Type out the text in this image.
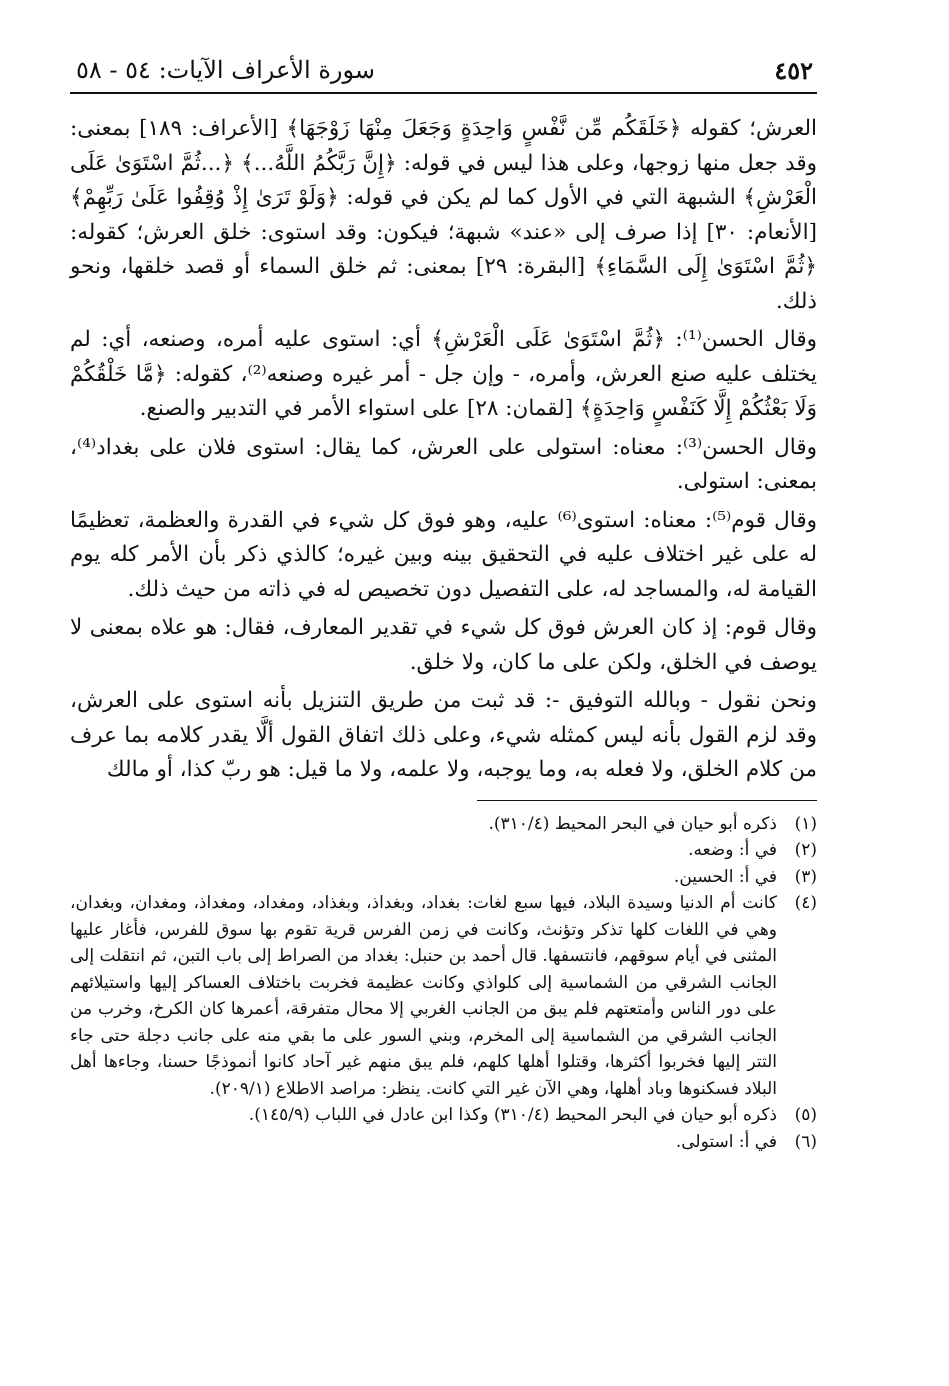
٤٥٢
سورة الأعراف الآيات: ٥٤ - ٥٨

العرش؛ كقوله ﴿خَلَقَكُم مِّن نَّفْسٍ وَاحِدَةٍ وَجَعَلَ مِنْهَا زَوْجَهَا﴾ [الأعراف: ١٨٩] بمعنى: وقد جعل منها زوجها، وعلى هذا ليس في قوله: ﴿إِنَّ رَبَّكُمُ اللَّهُ...﴾ ﴿...ثُمَّ اسْتَوَىٰ عَلَى الْعَرْشِ﴾ الشبهة التي في الأول كما لم يكن في قوله: ﴿وَلَوْ تَرَىٰ إِذْ وُقِفُوا عَلَىٰ رَبِّهِمْ﴾ [الأنعام: ٣٠] إذا صرف إلى «عند» شبهة؛ فيكون: وقد استوى: خلق العرش؛ كقوله: ﴿ثُمَّ اسْتَوَىٰ إِلَى السَّمَاءِ﴾ [البقرة: ٢٩] بمعنى: ثم خلق السماء أو قصد خلقها، ونحو ذلك.

وقال الحسن⁽¹⁾: ﴿ثُمَّ اسْتَوَىٰ عَلَى الْعَرْشِ﴾ أي: استوى عليه أمره، وصنعه، أي: لم يختلف عليه صنع العرش، وأمره، - وإن جل - أمر غيره وصنعه⁽²⁾، كقوله: ﴿مَّا خَلْقُكُمْ وَلَا بَعْثُكُمْ إِلَّا كَنَفْسٍ وَاحِدَةٍ﴾ [لقمان: ٢٨] على استواء الأمر في التدبير والصنع.

وقال الحسن⁽³⁾: معناه: استولى على العرش، كما يقال: استوى فلان على بغداد⁽⁴⁾، بمعنى: استولى.

وقال قوم⁽⁵⁾: معناه: استوى⁽⁶⁾ عليه، وهو فوق كل شيء في القدرة والعظمة، تعظيمًا له على غير اختلاف عليه في التحقيق بينه وبين غيره؛ كالذي ذكر بأن الأمر كله يوم القيامة له، والمساجد له، على التفصيل دون تخصيص له في ذاته من حيث ذلك.

وقال قوم: إذ كان العرش فوق كل شيء في تقدير المعارف، فقال: هو علاه بمعنى لا يوصف في الخلق، ولكن على ما كان، ولا خلق.

ونحن نقول - وبالله التوفيق -: قد ثبت من طريق التنزيل بأنه استوى على العرش، وقد لزم القول بأنه ليس كمثله شيء، وعلى ذلك اتفاق القول ألَّا يقدر كلامه بما عرف من كلام الخلق، ولا فعله به، وما يوجبه، ولا علمه، ولا ما قيل: هو ربّ كذا، أو مالك

(١)
ذكره أبو حيان في البحر المحيط (٣١٠/٤).
(٢)
في أ: وضعه.
(٣)
في أ: الحسين.
(٤)
كانت أم الدنيا وسيدة البلاد، فيها سبع لغات: بغداد، وبغداذ، وبغذاد، ومغداد، ومغداذ، ومغدان، وبغدان، وهي في اللغات كلها تذكر وتؤنث، وكانت في زمن الفرس قرية تقوم بها سوق للفرس، فأغار عليها المثنى في أيام سوقهم، فانتسفها. قال أحمد بن حنبل: بغداد من الصراط إلى باب التبن، ثم انتقلت إلى الجانب الشرقي من الشماسية إلى كلواذي وكانت عظيمة فخربت باختلاف العساكر إليها واستيلائهم على دور الناس وأمتعتهم فلم يبق من الجانب الغربي إلا محال متفرقة، أعمرها كان الكرخ، وخرب من الجانب الشرقي من الشماسية إلى المخرم، وبني السور على ما بقي منه على جانب دجلة حتى جاء التتر إليها فخربوا أكثرها، وقتلوا أهلها كلهم، فلم يبق منهم غير آحاد كانوا أنموذجًا حسنا، وجاءها أهل البلاد فسكنوها وباد أهلها، وهي الآن غير التي كانت. ينظر: مراصد الاطلاع (٢٠٩/١).
(٥)
ذكره أبو حيان في البحر المحيط (٣١٠/٤) وكذا ابن عادل في اللباب (١٤٥/٩).
(٦)
في أ: استولى.
